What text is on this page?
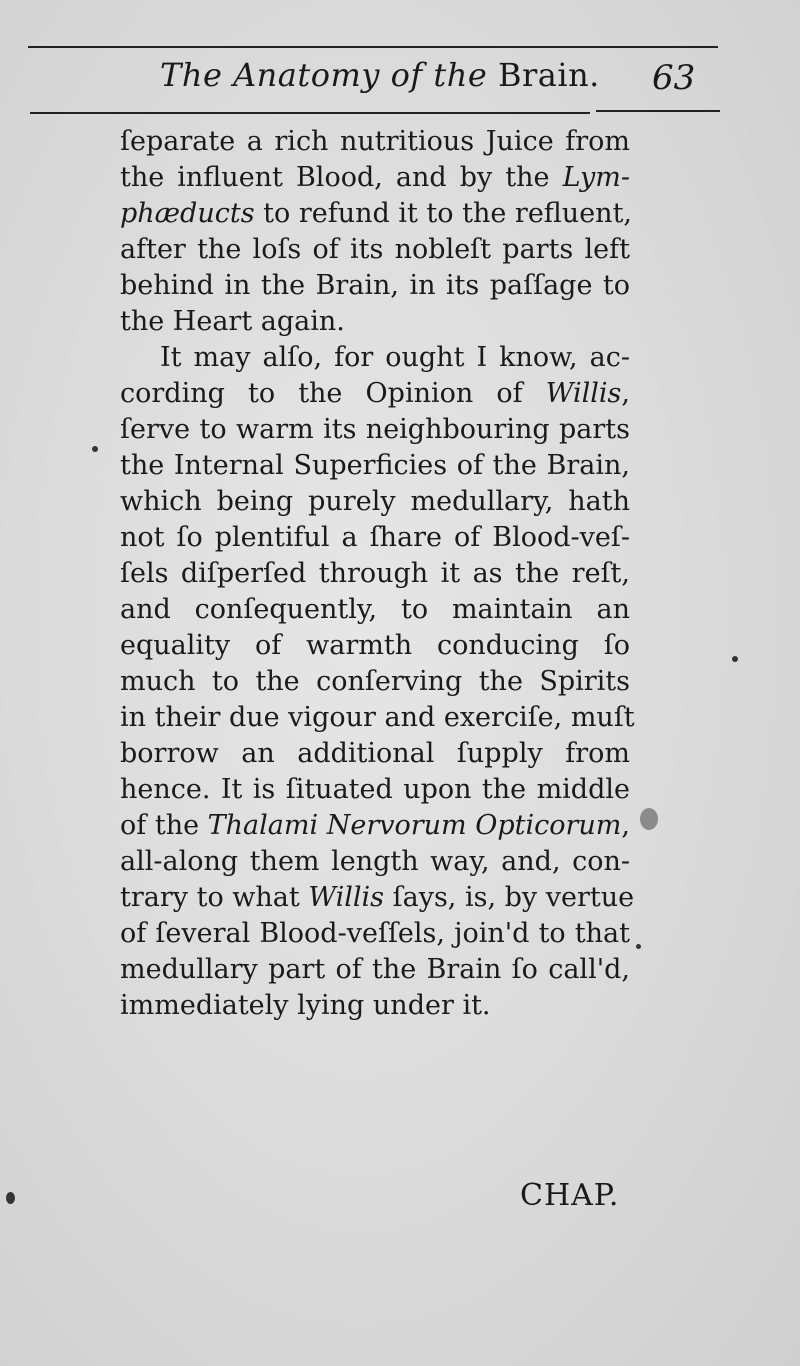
The Anatomy of the Brain. 63
ſeparate a rich nutritious Juice from
the influent Blood, and by the Lym-
phæducts to refund it to the refluent,
after the loſs of its nobleſt parts left
behind in the Brain, in its paſſage to
the Heart again.
It may alſo, for ought I know, ac-
cording to the Opinion of Willis,
ſerve to warm its neighbouring parts
the Internal Superficies of the Brain,
which being purely medullary, hath
not ſo plentiful a ſhare of Blood-veſ-
ſels diſperſed through it as the reſt,
and conſequently, to maintain an
equality of warmth conducing ſo
much to the conſerving the Spirits
in their due vigour and exerciſe, muſt
borrow an additional ſupply from
hence. It is ſituated upon the middle
of the Thalami Nervorum Opticorum,
all-along them length way, and, con-
trary to what Willis ſays, is, by vertue
of ſeveral Blood-veſſels, join'd to that
medullary part of the Brain ſo call'd,
immediately lying under it.
CHAP.
